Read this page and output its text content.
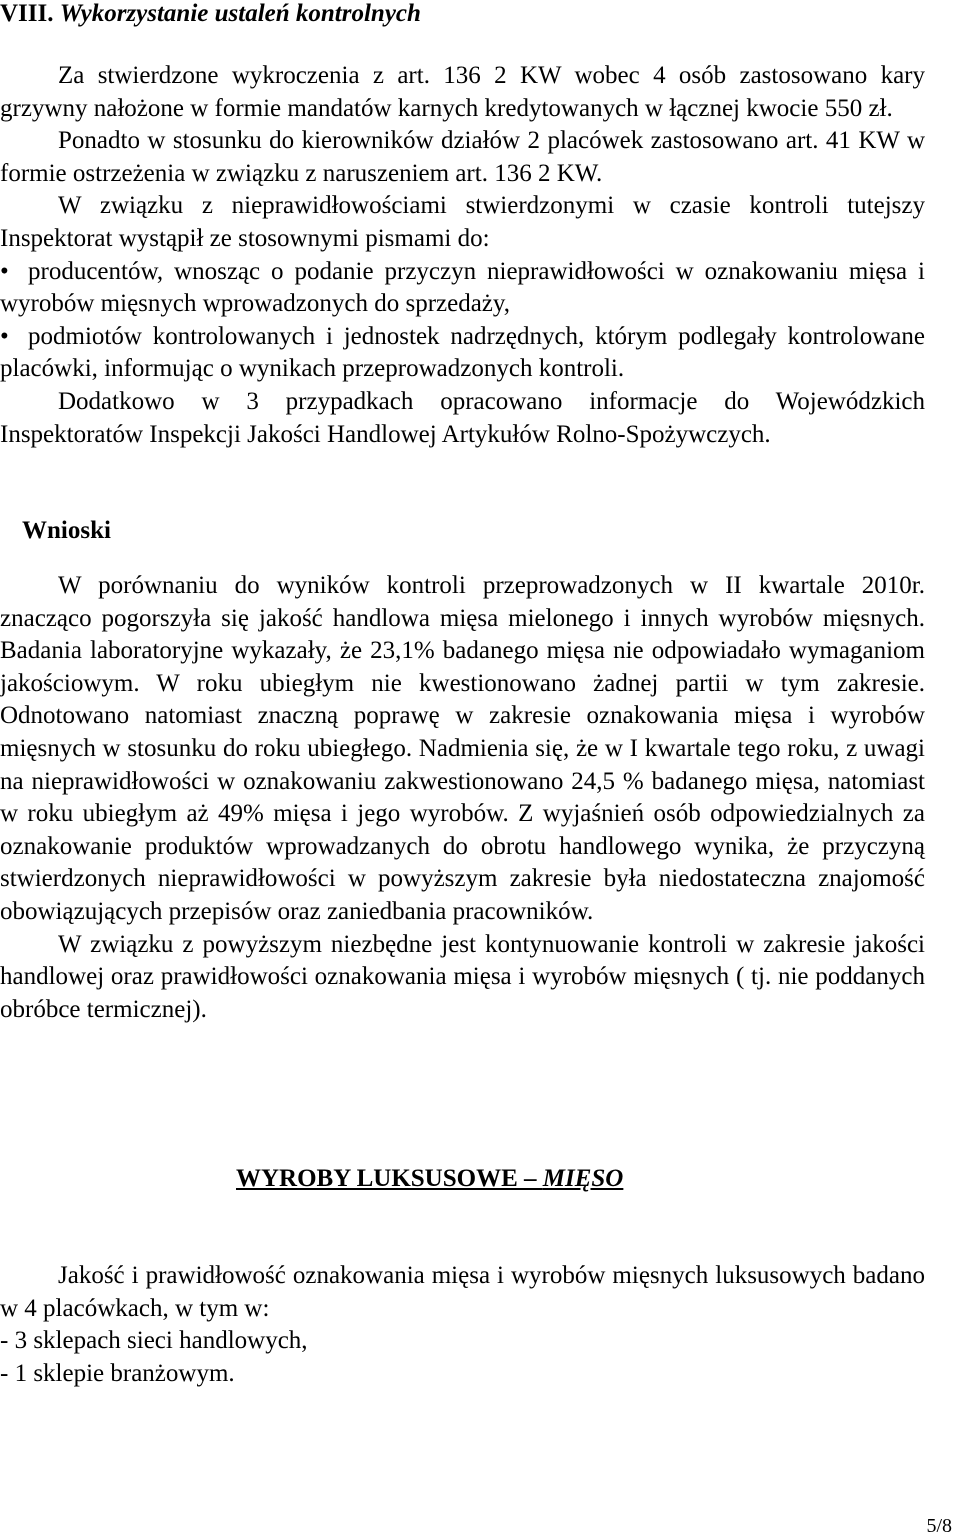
VIII. Wykorzystanie ustaleń kontrolnych

Za stwierdzone wykroczenia z art. 136 2 KW wobec 4 osób zastosowano kary grzywny nałożone w formie mandatów karnych kredytowanych w łącznej kwocie 550 zł.

Ponadto w stosunku do kierowników działów 2 placówek zastosowano art. 41 KW w formie ostrzeżenia w związku z naruszeniem art. 136 2 KW.

W związku z nieprawidłowościami stwierdzonymi w czasie kontroli tutejszy Inspektorat wystąpił ze stosownymi pismami do:

• producentów, wnosząc o podanie przyczyn nieprawidłowości w oznakowaniu mięsa i wyrobów mięsnych wprowadzonych do sprzedaży,

• podmiotów kontrolowanych i jednostek nadrzędnych, którym podlegały kontrolowane placówki, informując o wynikach przeprowadzonych kontroli.

Dodatkowo w 3 przypadkach opracowano informacje do Wojewódzkich Inspektoratów Inspekcji Jakości Handlowej Artykułów Rolno-Spożywczych.

Wnioski

W porównaniu do wyników kontroli przeprowadzonych w II kwartale 2010r. znacząco pogorszyła się jakość handlowa mięsa mielonego i innych wyrobów mięsnych. Badania laboratoryjne wykazały, że 23,1% badanego mięsa nie odpowiadało wymaganiom jakościowym. W roku ubiegłym nie kwestionowano żadnej partii w tym zakresie. Odnotowano natomiast znaczną poprawę w zakresie oznakowania mięsa i wyrobów mięsnych w stosunku do roku ubiegłego. Nadmienia się, że w I kwartale tego roku, z uwagi na nieprawidłowości w oznakowaniu zakwestionowano 24,5 % badanego mięsa, natomiast w roku ubiegłym aż 49% mięsa i jego wyrobów. Z wyjaśnień osób odpowiedzialnych za oznakowanie produktów wprowadzanych do obrotu handlowego wynika, że przyczyną stwierdzonych nieprawidłowości w powyższym zakresie była niedostateczna znajomość obowiązujących przepisów oraz zaniedbania pracowników.

W związku z powyższym niezbędne jest kontynuowanie kontroli w zakresie jakości handlowej oraz prawidłowości oznakowania mięsa i wyrobów mięsnych ( tj. nie poddanych obróbce termicznej).

WYROBY LUKSUSOWE – MIĘSO

Jakość i prawidłowość oznakowania mięsa i wyrobów mięsnych luksusowych badano w 4 placówkach, w tym w:

- 3 sklepach sieci handlowych,

- 1 sklepie branżowym.

5/8
